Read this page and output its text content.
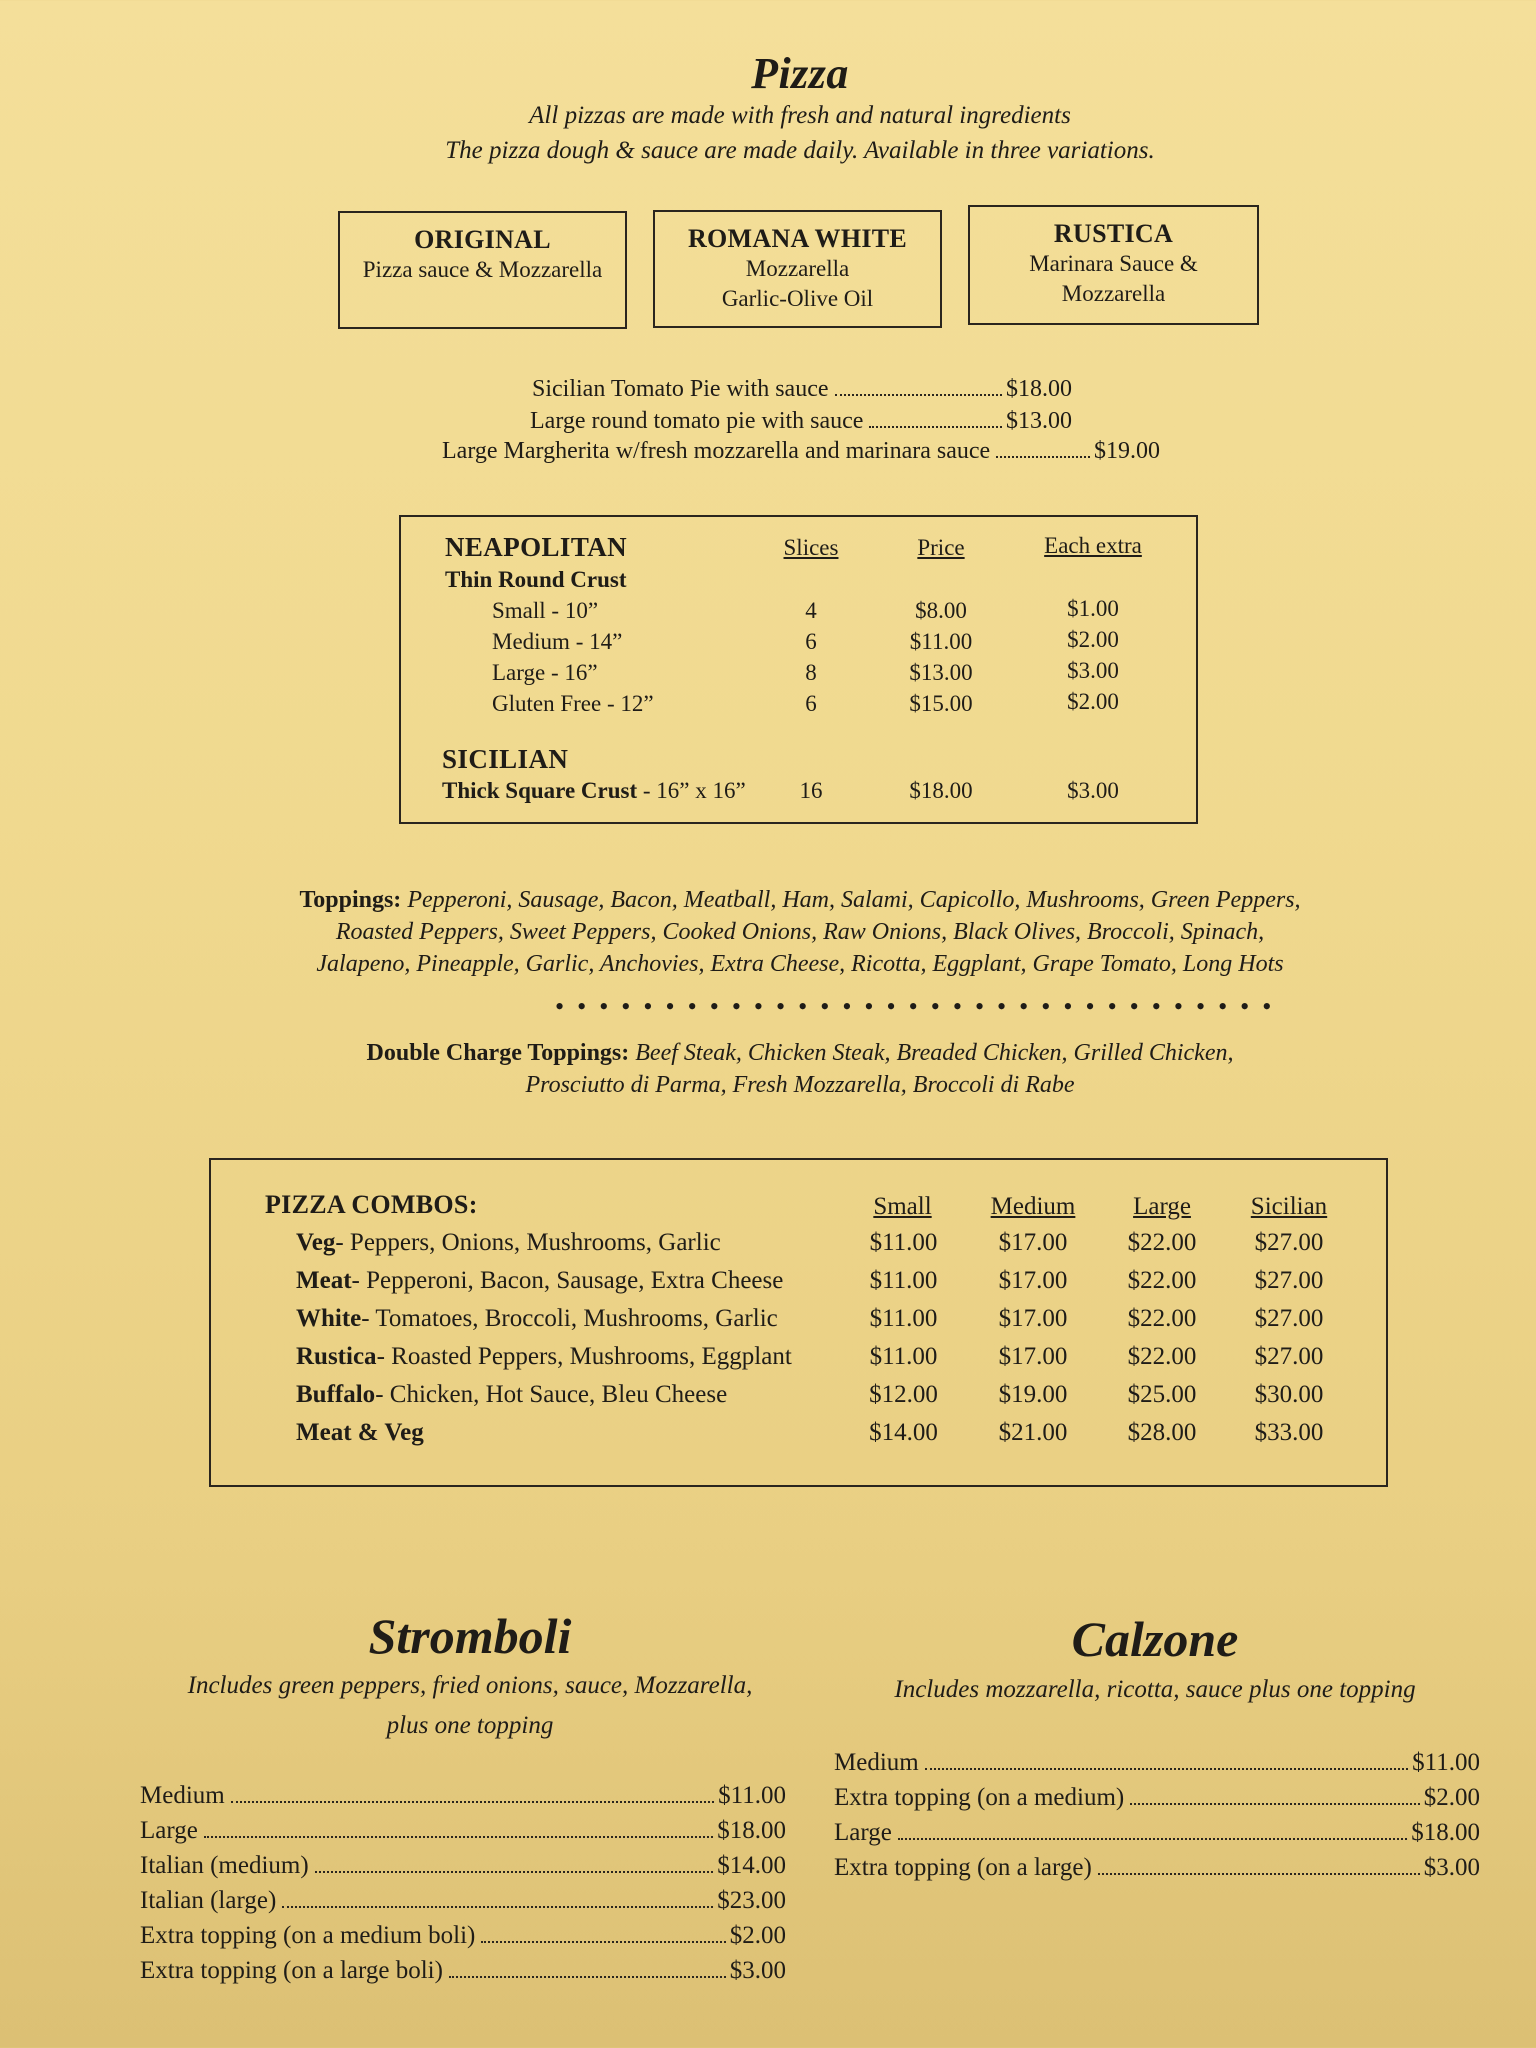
Pizza
All pizzas are made with fresh and natural ingredients
The pizza dough & sauce are made daily. Available in three variations.
ORIGINAL
Pizza sauce & Mozzarella
ROMANA WHITE
Mozzarella
Garlic-Olive Oil
RUSTICA
Marinara Sauce &
Mozzarella
Sicilian Tomato Pie with sauce	$18.00
Large round tomato pie with sauce	$13.00
Large Margherita w/fresh mozzarella and marinara sauce	$19.00
NEAPOLITAN	Slices	Price	Each extra
Thin Round Crust
Small - 10”	4	$8.00	$1.00
Medium - 14”	6	$11.00	$2.00
Large - 16”	8	$13.00	$3.00
Gluten Free - 12”	6	$15.00	$2.00
SICILIAN
Thick Square Crust - 16” x 16”	16	$18.00	$3.00
Toppings: Pepperoni, Sausage, Bacon, Meatball, Ham, Salami, Capicollo, Mushrooms, Green Peppers,
Roasted Peppers, Sweet Peppers, Cooked Onions, Raw Onions, Black Olives, Broccoli, Spinach,
Jalapeno, Pineapple, Garlic, Anchovies, Extra Cheese, Ricotta, Eggplant, Grape Tomato, Long Hots
•••••••••••••••••••••••••••••••••
Double Charge Toppings: Beef Steak, Chicken Steak, Breaded Chicken, Grilled Chicken,
Prosciutto di Parma, Fresh Mozzarella, Broccoli di Rabe
PIZZA COMBOS:	Small	Medium	Large	Sicilian
Veg- Peppers, Onions, Mushrooms, Garlic	$11.00	$17.00	$22.00	$27.00
Meat- Pepperoni, Bacon, Sausage, Extra Cheese	$11.00	$17.00	$22.00	$27.00
White- Tomatoes, Broccoli, Mushrooms, Garlic	$11.00	$17.00	$22.00	$27.00
Rustica- Roasted Peppers, Mushrooms, Eggplant	$11.00	$17.00	$22.00	$27.00
Buffalo- Chicken, Hot Sauce, Bleu Cheese	$12.00	$19.00	$25.00	$30.00
Meat & Veg	$14.00	$21.00	$28.00	$33.00
Stromboli
Includes green peppers, fried onions, sauce, Mozzarella,
plus one topping
Medium	$11.00
Large	$18.00
Italian (medium)	$14.00
Italian (large)	$23.00
Extra topping (on a medium boli)	$2.00
Extra topping (on a large boli)	$3.00
Calzone
Includes mozzarella, ricotta, sauce plus one topping
Medium	$11.00
Extra topping (on a medium)	$2.00
Large	$18.00
Extra topping (on a large)	$3.00
